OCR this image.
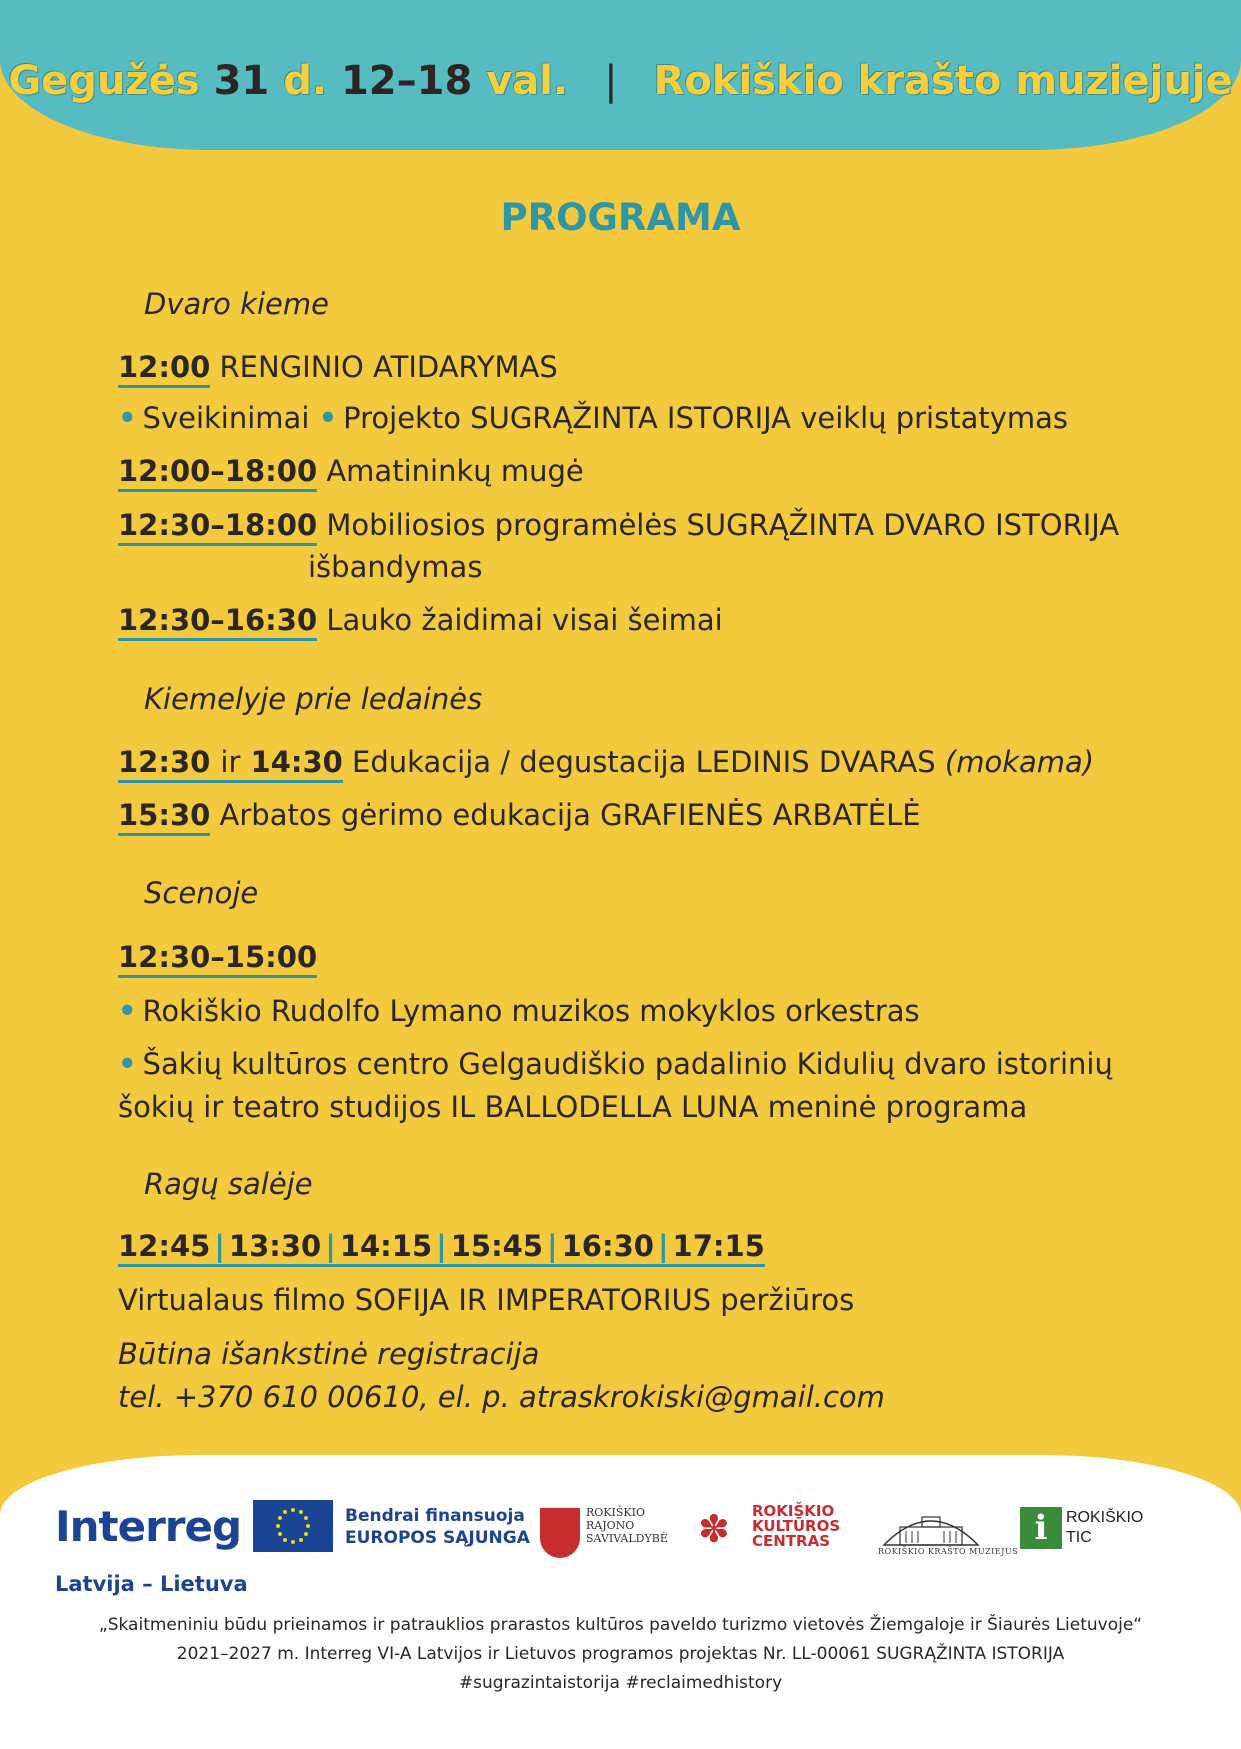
Gegužės 31 d. 12–18 val. | Rokiškio krašto muziejuje
PROGRAMA
Dvaro kieme
12:00 RENGINIO ATIDARYMAS
• Sveikinimai • Projekto SUGRĄŽINTA ISTORIJA veiklų pristatymas
12:00–18:00 Amatininkų mugė
12:30–18:00 Mobiliosios programėlės SUGRĄŽINTA DVARO ISTORIJA
išbandymas
12:30–16:30 Lauko žaidimai visai šeimai
Kiemelyje prie ledainės
12:30 ir 14:30 Edukacija / degustacija LEDINIS DVARAS (mokama)
15:30 Arbatos gėrimo edukacija GRAFIENĖS ARBATĖLĖ
Scenoje
12:30–15:00
• Rokiškio Rudolfo Lymano muzikos mokyklos orkestras
• Šakių kultūros centro Gelgaudiškio padalinio Kidulių dvaro istorinių
šokių ir teatro studijos IL BALLODELLA LUNA meninė programa
Ragų salėje
12:45 | 13:30 | 14:15 | 15:45 | 16:30 | 17:15
Virtualaus filmo SOFIJA IR IMPERATORIUS peržiūros
Būtina išankstinė registracija
tel. +370 610 00610, el. p. atraskrokiski@gmail.com
Interreg
Latvija – Lietuva
Bendrai finansuoja
EUROPOS SĄJUNGA
ROKIŠKIO
RAJONO
SAVIVALDYBĖ ✽	ROKIŠKIO
KULTŪROS
CENTRAS
ROKIŠKIO KRAŠTO MUZIEJUS
i	ROKIŠKIO
TIC
„Skaitmeniniu būdu prieinamos ir patrauklios prarastos kultūros paveldo turizmo vietovės Žiemgaloje ir Šiaurės Lietuvoje“
2021–2027 m. Interreg VI-A Latvijos ir Lietuvos programos projektas Nr. LL-00061 SUGRĄŽINTA ISTORIJA
#sugrazintaistorija #reclaimedhistory
